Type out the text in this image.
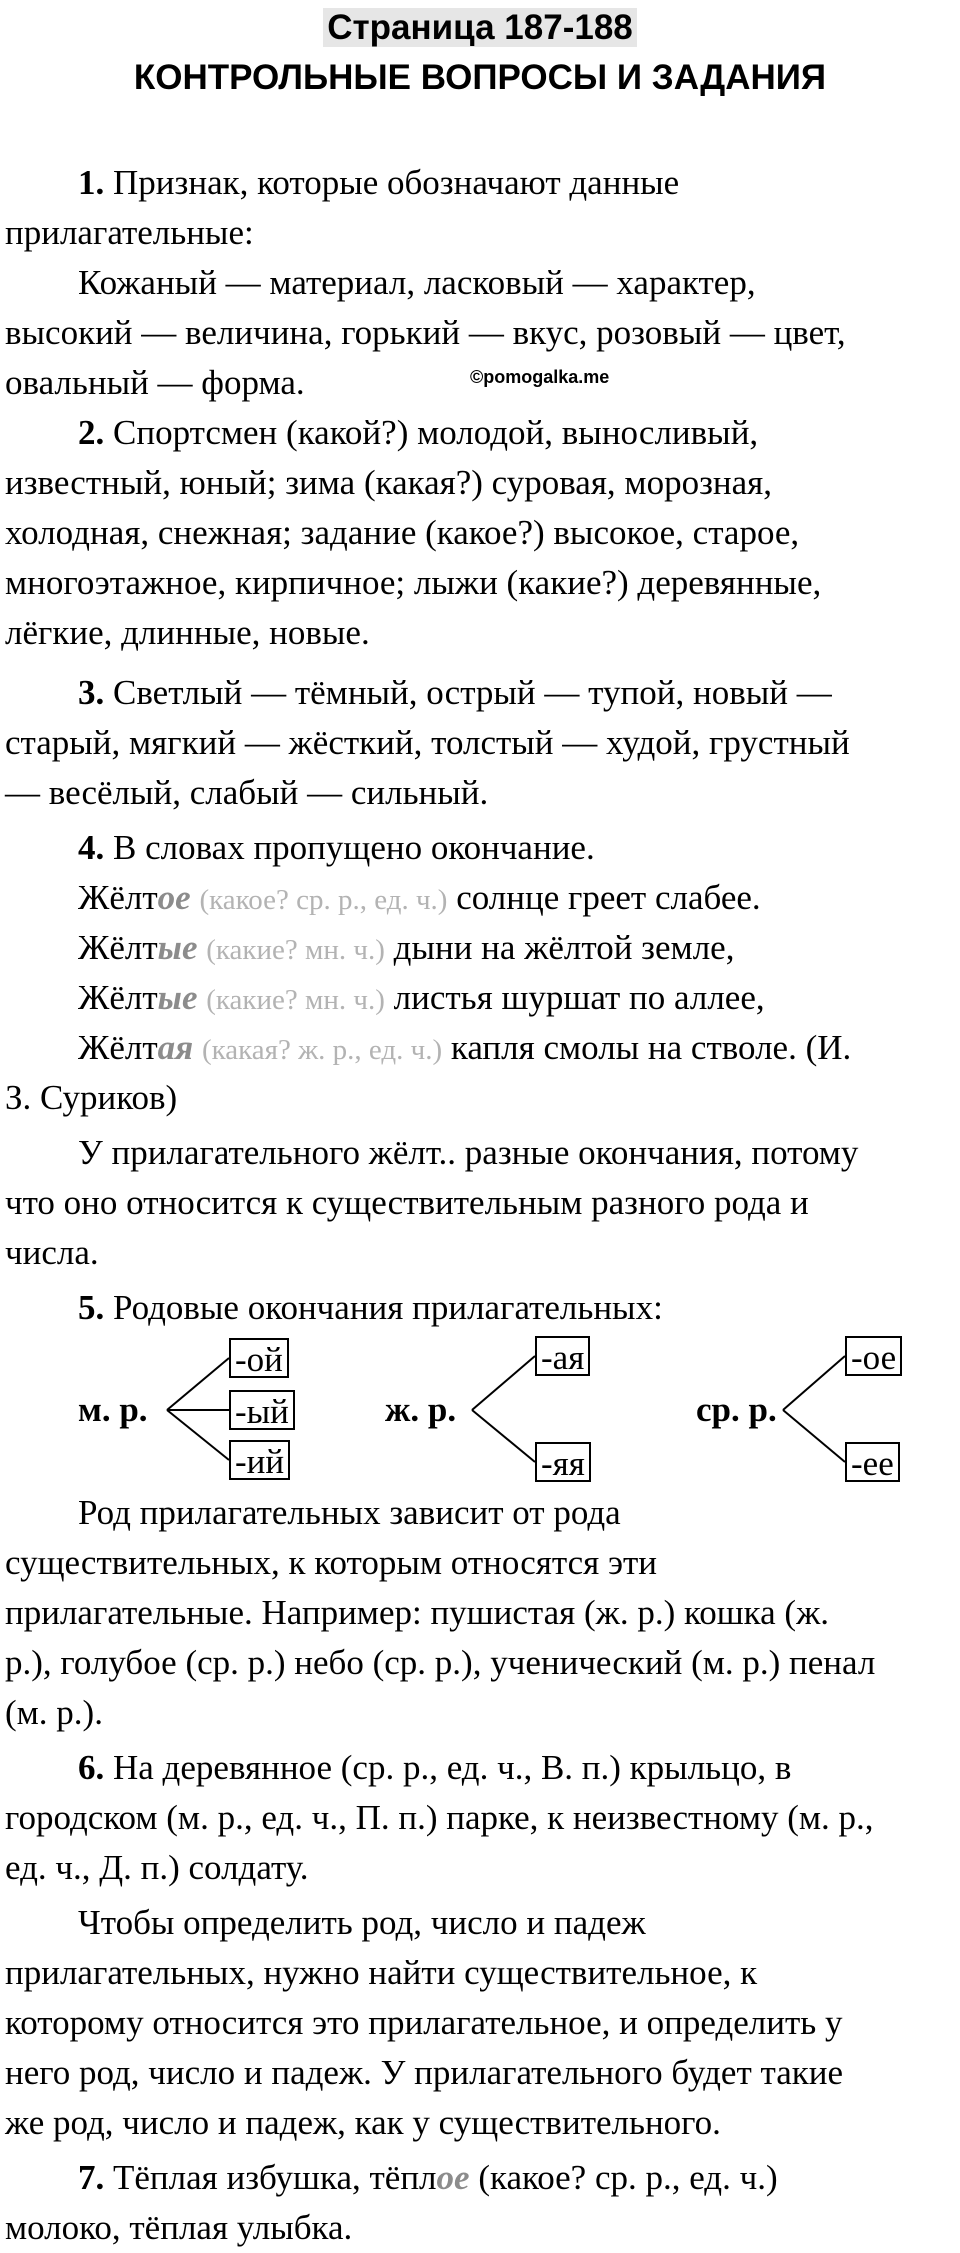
Страница 187-188
КОНТРОЛЬНЫЕ ВОПРОСЫ И ЗАДАНИЯ
1. Признак, которые обозначают данные
прилагательные:
Кожаный — материал, ласковый — характер,
высокий — величина, горький — вкус, розовый — цвет,
овальный — форма.	©pomogalka.me
2. Спортсмен (какой?) молодой, выносливый,
известный, юный; зима (какая?) суровая, морозная,
холодная, снежная; задание (какое?) высокое, старое,
многоэтажное, кирпичное; лыжи (какие?) деревянные,
лёгкие, длинные, новые.
3. Светлый — тёмный, острый — тупой, новый —
старый, мягкий — жёсткий, толстый — худой, грустный
— весёлый, слабый — сильный.
4. В словах пропущено окончание.
Жёлтое (какое? ср. р., ед. ч.) солнце греет слабее.
Жёлтые (какие? мн. ч.) дыни на жёлтой земле,
Жёлтые (какие? мн. ч.) листья шуршат по аллее,
Жёлтая (какая? ж. р., ед. ч.) капля смолы на стволе. (И.
З. Суриков)
У прилагательного жёлт.. разные окончания, потому
что оно относится к существительным разного рода и
числа.
5. Родовые окончания прилагательных:
м. р.
-ой
-ый
-ий
ж. р.
-ая
-яя
ср. р.
-ое
-ее
Род прилагательных зависит от рода
существительных, к которым относятся эти
прилагательные. Например: пушистая (ж. р.) кошка (ж.
р.), голубое (ср. р.) небо (ср. р.), ученический (м. р.) пенал
(м. р.).
6. На деревянное (ср. р., ед. ч., В. п.) крыльцо, в
городском (м. р., ед. ч., П. п.) парке, к неизвестному (м. р.,
ед. ч., Д. п.) солдату.
Чтобы определить род, число и падеж
прилагательных, нужно найти существительное, к
которому относится это прилагательное, и определить у
него род, число и падеж. У прилагательного будет такие
же род, число и падеж, как у существительного.
7. Тёплая избушка, тёплое (какое? ср. р., ед. ч.)
молоко, тёплая улыбка.
